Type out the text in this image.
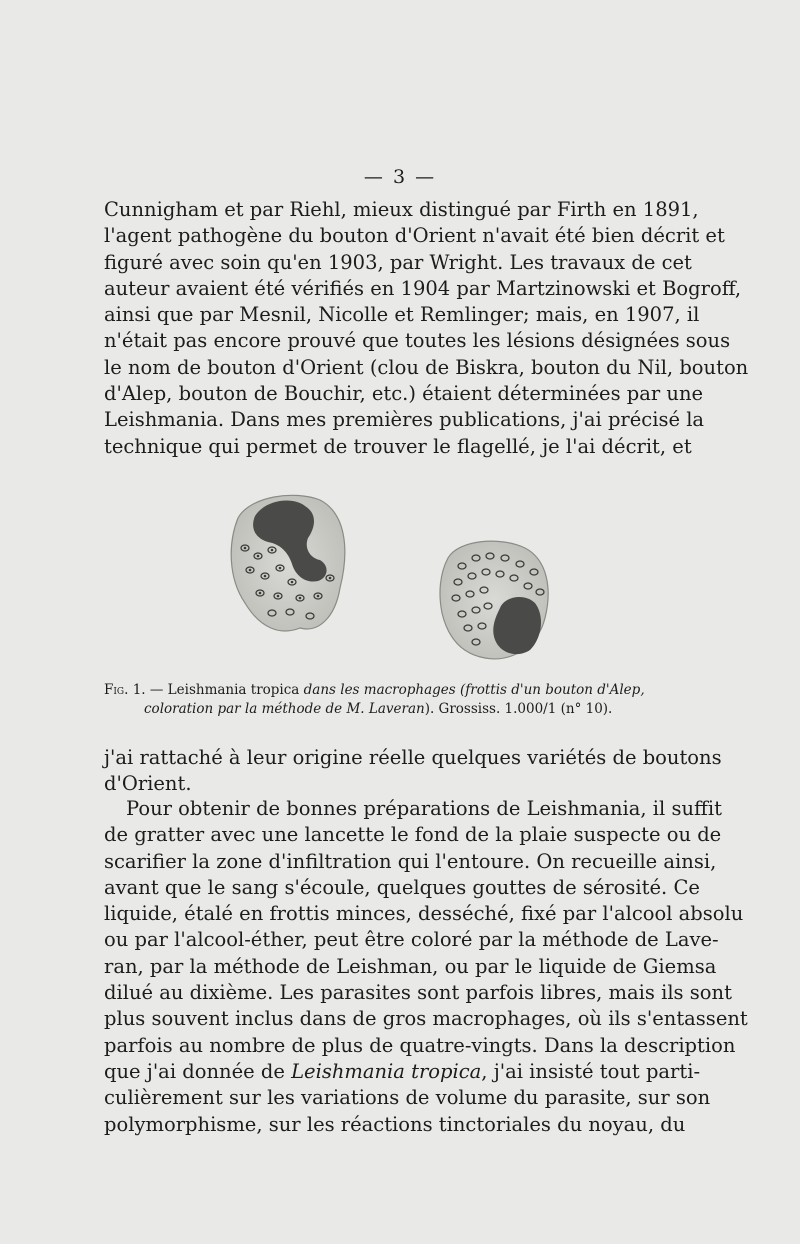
— 3 —
Cunnigham et par Riehl, mieux distingué par Firth en 1891,
l'agent pathogène du bouton d'Orient n'avait été bien décrit et
figuré avec soin qu'en 1903, par Wright. Les travaux de cet
auteur avaient été vérifiés en 1904 par Martzinowski et Bogroff,
ainsi que par Mesnil, Nicolle et Remlinger; mais, en 1907, il
n'était pas encore prouvé que toutes les lésions désignées sous
le nom de bouton d'Orient (clou de Biskra, bouton du Nil, bouton
d'Alep, bouton de Bouchir, etc.) étaient déterminées par une
Leishmania. Dans mes premières publications, j'ai précisé la
technique qui permet de trouver le flagellé, je l'ai décrit, et

Fig. 1. — Leishmania tropica dans les macrophages (frottis d'un bouton d'Alep,
coloration par la méthode de M. Laveran). Grossiss. 1.000/1 (n° 10).

j'ai rattaché à leur origine réelle quelques variétés de boutons
d'Orient.
Pour obtenir de bonnes préparations de Leishmania, il suffit
de gratter avec une lancette le fond de la plaie suspecte ou de
scarifier la zone d'infiltration qui l'entoure. On recueille ainsi,
avant que le sang s'écoule, quelques gouttes de sérosité. Ce
liquide, étalé en frottis minces, desséché, fixé par l'alcool absolu
ou par l'alcool-éther, peut être coloré par la méthode de Lave-
ran, par la méthode de Leishman, ou par le liquide de Giemsa
dilué au dixième. Les parasites sont parfois libres, mais ils sont
plus souvent inclus dans de gros macrophages, où ils s'entassent
parfois au nombre de plus de quatre-vingts. Dans la description
que j'ai donnée de Leishmania tropica, j'ai insisté tout parti-
culièrement sur les variations de volume du parasite, sur son
polymorphisme, sur les réactions tinctoriales du noyau, du
